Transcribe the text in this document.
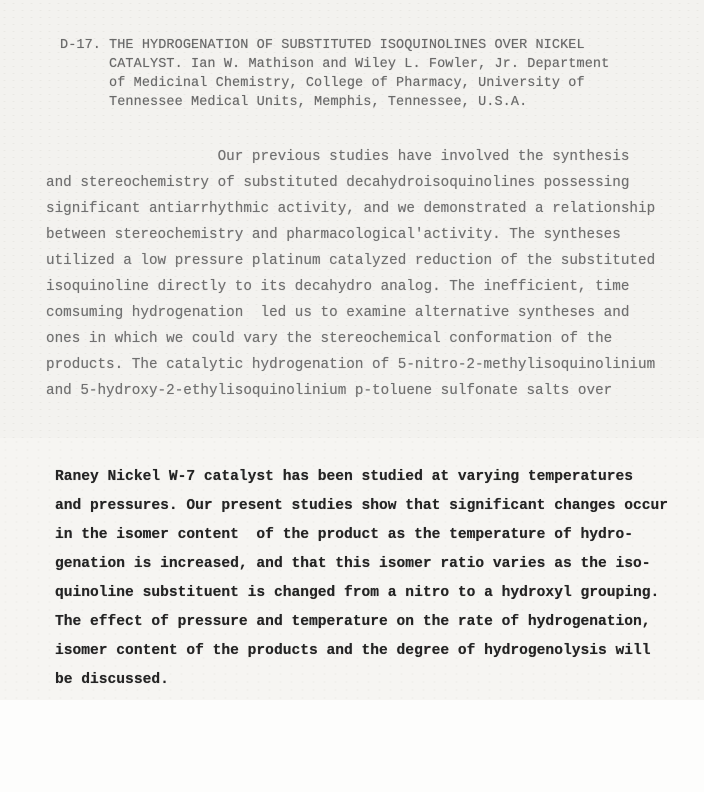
D-17. THE HYDROGENATION OF SUBSTITUTED ISOQUINOLINES OVER NICKEL
CATALYST. Ian W. Mathison and Wiley L. Fowler, Jr. Department
of Medicinal Chemistry, College of Pharmacy, University of
Tennessee Medical Units, Memphis, Tennessee, U.S.A.
Our previous studies have involved the synthesis
and stereochemistry of substituted decahydroisoquinolines possessing
significant antiarrhythmic activity, and we demonstrated a relationship
between stereochemistry and pharmacological'activity. The syntheses
utilized a low pressure platinum catalyzed reduction of the substituted
isoquinoline directly to its decahydro analog. The inefficient, time
comsuming hydrogenation  led us to examine alternative syntheses and
ones in which we could vary the stereochemical conformation of the
products. The catalytic hydrogenation of 5-nitro-2-methylisoquinolinium
and 5-hydroxy-2-ethylisoquinolinium p-toluene sulfonate salts over
Raney Nickel W-7 catalyst has been studied at varying temperatures
and pressures. Our present studies show that significant changes occur
in the isomer content  of the product as the temperature of hydro-
genation is increased, and that this isomer ratio varies as the iso-
quinoline substituent is changed from a nitro to a hydroxyl grouping.
The effect of pressure and temperature on the rate of hydrogenation,
isomer content of the products and the degree of hydrogenolysis will
be discussed.
